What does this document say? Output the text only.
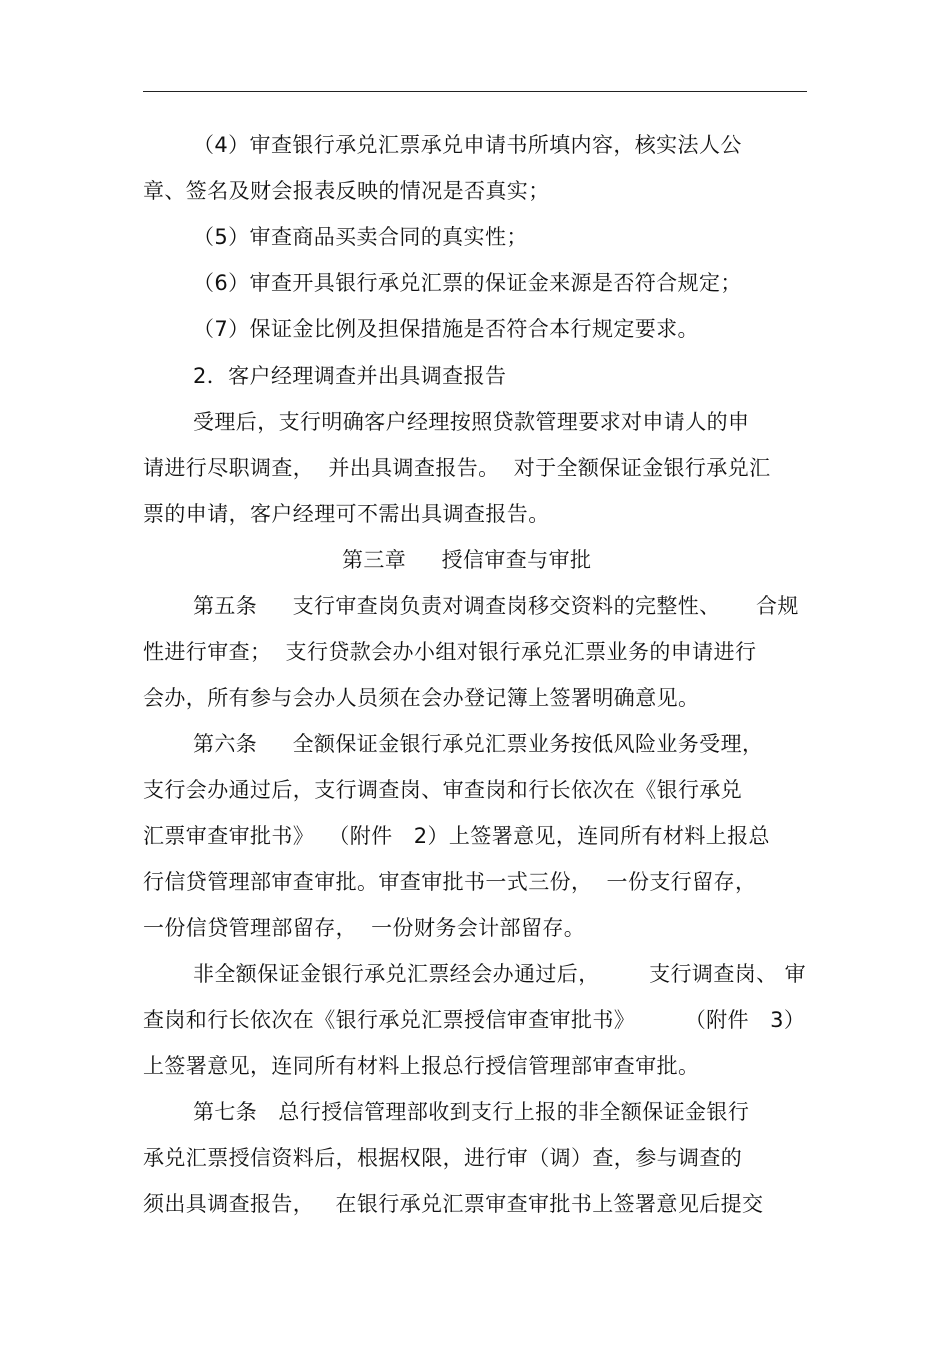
（4）审查银行承兑汇票承兑申请书所填内容，核实法人公
章、签名及财会报表反映的情况是否真实；
（5）审查商品买卖合同的真实性；
（6）审查开具银行承兑汇票的保证金来源是否符合规定；
（7）保证金比例及担保措施是否符合本行规定要求。
2．客户经理调查并出具调查报告
受理后，支行明确客户经理按照贷款管理要求对申请人的申
请进行尽职调查，  并出具调查报告。  对于全额保证金银行承兑汇
票的申请，客户经理可不需出具调查报告。
第三章     授信审查与审批
第五条     支行审查岗负责对调查岗移交资料的完整性、     合规
性进行审查；  支行贷款会办小组对银行承兑汇票业务的申请进行
会办，所有参与会办人员须在会办登记簿上签署明确意见。
第六条     全额保证金银行承兑汇票业务按低风险业务受理，
支行会办通过后，支行调查岗、审查岗和行长依次在《银行承兑
汇票审查审批书》  （附件   2）上签署意见，连同所有材料上报总
行信贷管理部审查审批。审查审批书一式三份，  一份支行留存，
一份信贷管理部留存，  一份财务会计部留存。
非全额保证金银行承兑汇票经会办通过后，       支行调查岗、 审
查岗和行长依次在《银行承兑汇票授信审查审批书》       （附件   3）
上签署意见，连同所有材料上报总行授信管理部审查审批。
第七条   总行授信管理部收到支行上报的非全额保证金银行
承兑汇票授信资料后，根据权限，进行审（调）查，参与调查的
须出具调查报告，   在银行承兑汇票审查审批书上签署意见后提交
